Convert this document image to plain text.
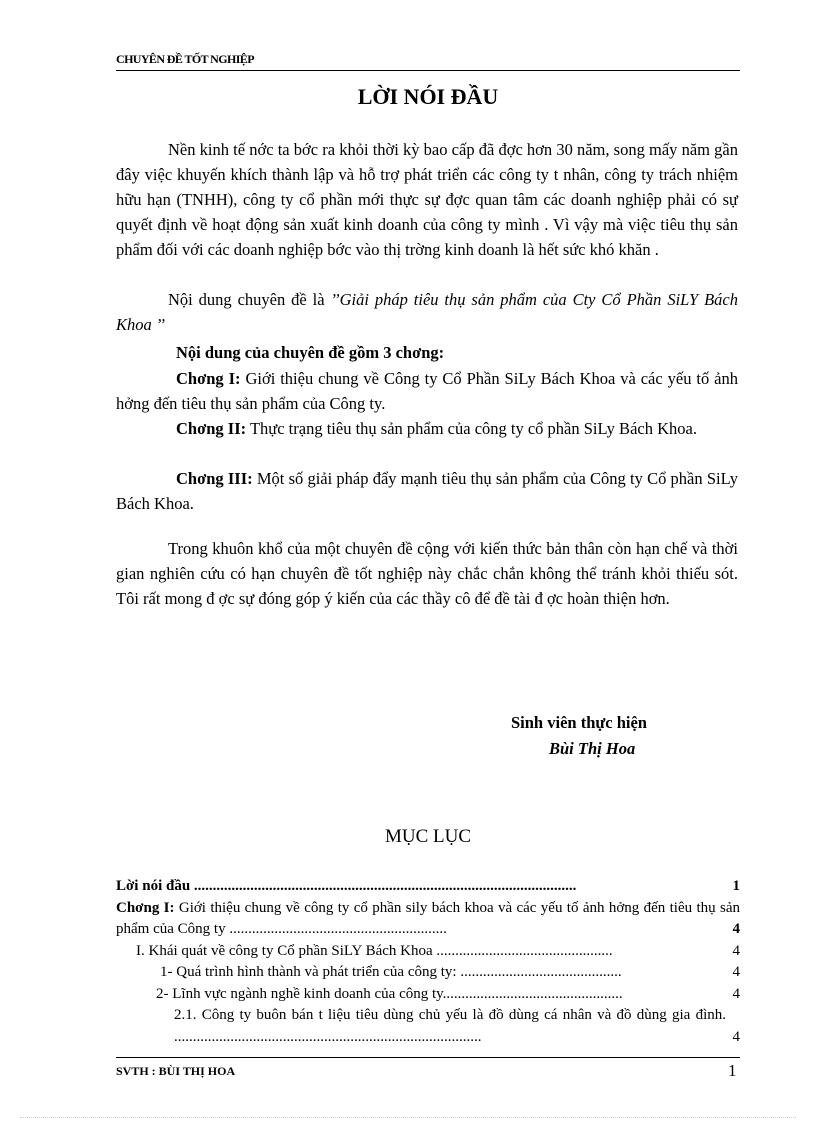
CHUYÊN ĐỀ TỐT NGHIỆP
LỜI NÓI ĐẦU
Nền kinh tế nớc ta bớc ra khỏi thời kỳ bao cấp đã đợc hơn 30 năm, song mấy năm gần đây việc khuyến khích thành lập và hỗ trợ phát triển các công ty t nhân, công ty trách nhiệm hữu hạn (TNHH), công ty cổ phần mới thực sự đợc quan tâm các doanh nghiệp phải có sự quyết định về hoạt động sản xuất kinh doanh của công ty mình . Vì vậy mà việc tiêu thụ sản phẩm đối với các doanh nghiệp bớc vào thị trờng kinh doanh là hết sức khó khăn .
Nội dung chuyên đề là ’’Giải pháp tiêu thụ sản phẩm của Cty Cổ Phần SiLY Bách Khoa ’’
Nội dung của chuyên đề gồm 3 chơng:
Chơng I: Giới thiệu chung về Công ty Cổ Phần SiLy Bách Khoa và các yếu tố ảnh hởng đến tiêu thụ sản phẩm của Công ty.
Chơng II: Thực trạng tiêu thụ sản phẩm của công ty cổ phần SiLy Bách Khoa.
Chơng III: Một số giải pháp đẩy mạnh tiêu thụ sản phẩm của Công ty Cổ phần SiLy Bách Khoa.
Trong khuôn khổ của một chuyên đề cộng với kiến thức bản thân còn hạn chế và thời gian nghiên cứu có hạn chuyên đề tốt nghiệp này chắc chắn không thể tránh khỏi thiếu sót. Tôi rất mong đ ợc sự đóng góp ý kiến của các thầy cô để đề tài đ ợc hoàn thiện hơn.
Sinh viên thực hiện
Bùi Thị Hoa
MỤC LỤC
1
Lời nói đầu ......................................................................................................
4
Chơng I: Giới thiệu chung về công ty cổ phần silу bách khoa và các yếu tố ảnh hởng đến tiêu thụ sản phẩm của Công ty ..........................................................
4
I. Khái quát về công ty Cổ phần SiLY Bách Khoa ...............................................
4
1- Quá trình hình thành và phát triển của công ty: ...........................................
4
2- Lĩnh vực ngành nghề kinh doanh của công ty................................................
4
2.1. Công ty buôn bán t liệu tiêu dùng chủ yếu là đồ dùng cá nhân và đồ dùng gia đình. ..................................................................................
SVTH : BÙI THỊ HOA	1
